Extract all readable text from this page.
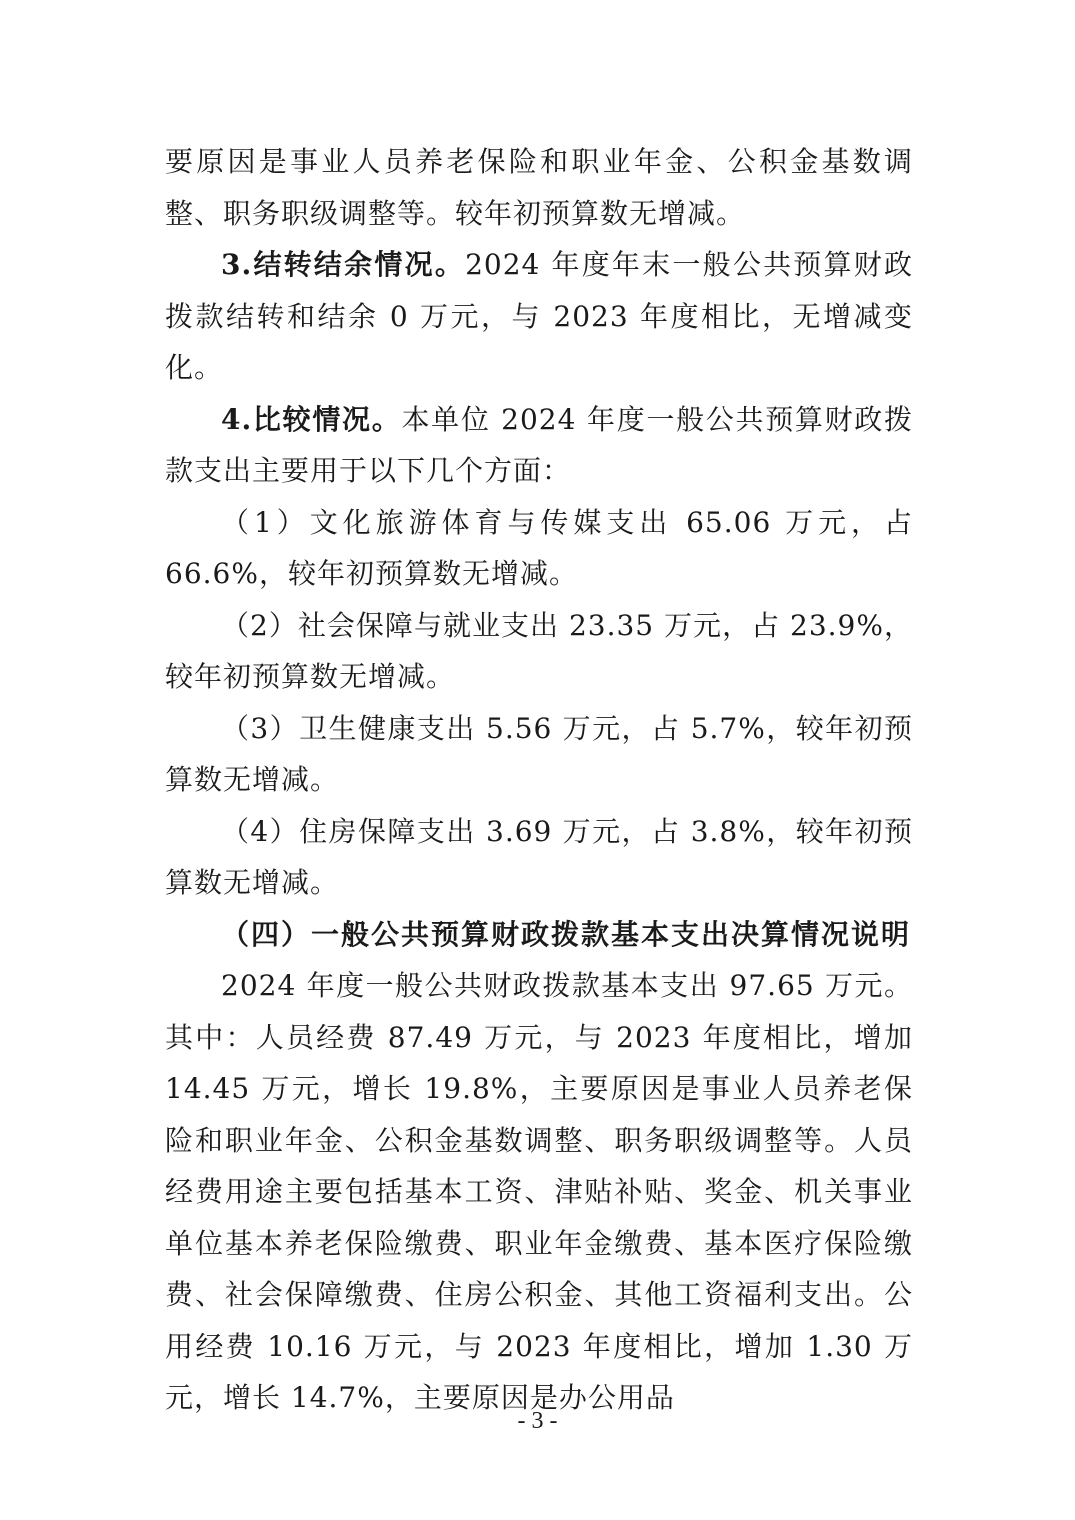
要原因是事业人员养老保险和职业年金、公积金基数调整、职务职级调整等。较年初预算数无增减。

3.结转结余情况。2024 年度年末一般公共预算财政拨款结转和结余 0 万元，与 2023 年度相比，无增减变化。

4.比较情况。本单位 2024 年度一般公共预算财政拨款支出主要用于以下几个方面：

（1）文化旅游体育与传媒支出 65.06 万元，占 66.6%，较年初预算数无增减。

（2）社会保障与就业支出 23.35 万元，占 23.9%，较年初预算数无增减。

（3）卫生健康支出 5.56 万元，占 5.7%，较年初预算数无增减。

（4）住房保障支出 3.69 万元，占 3.8%，较年初预算数无增减。

（四）一般公共预算财政拨款基本支出决算情况说明

2024 年度一般公共财政拨款基本支出 97.65 万元。其中：人员经费 87.49 万元，与 2023 年度相比，增加 14.45 万元，增长 19.8%，主要原因是事业人员养老保险和职业年金、公积金基数调整、职务职级调整等。人员经费用途主要包括基本工资、津贴补贴、奖金、机关事业单位基本养老保险缴费、职业年金缴费、基本医疗保险缴费、社会保障缴费、住房公积金、其他工资福利支出。公用经费 10.16 万元，与 2023 年度相比，增加 1.30 万元，增长 14.7%，主要原因是办公用品

- 3 -
